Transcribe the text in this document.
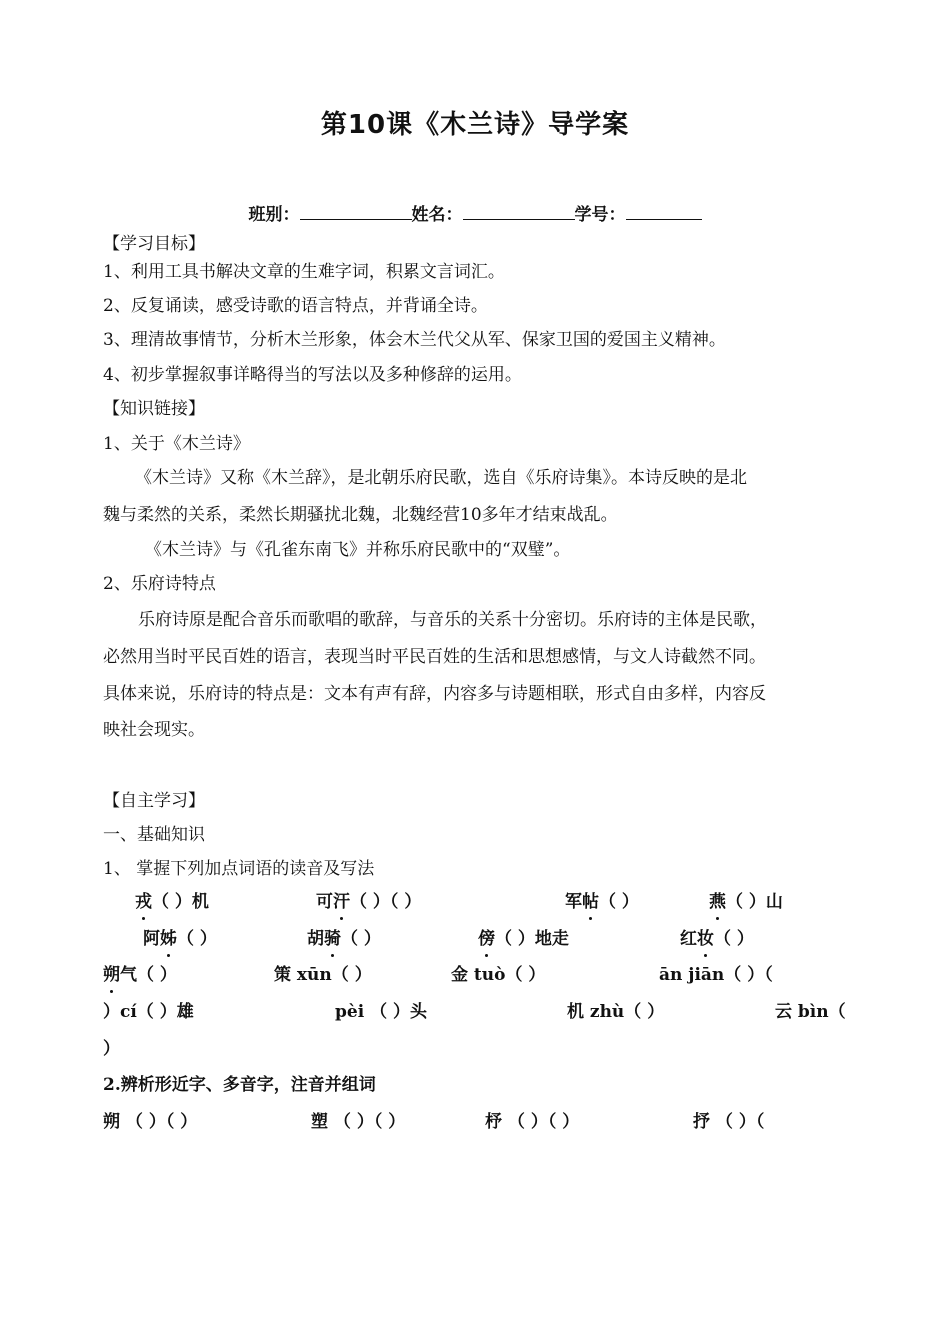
第10课《木兰诗》导学案
班别：	姓名：	学号：
【学习目标】
1、利用工具书解决文章的生难字词，积累文言词汇。
2、反复诵读，感受诗歌的语言特点，并背诵全诗。
3、理清故事情节，分析木兰形象，体会木兰代父从军、保家卫国的爱国主义精神。
4、初步掌握叙事详略得当的写法以及多种修辞的运用。
【知识链接】
1、关于《木兰诗》
《木兰诗》又称《木兰辞》，是北朝乐府民歌，选自《乐府诗集》。本诗反映的是北
魏与柔然的关系，柔然长期骚扰北魏，北魏经营10多年才结束战乱。
《木兰诗》与《孔雀东南飞》并称乐府民歌中的“双璧”。
2、乐府诗特点
乐府诗原是配合音乐而歌唱的歌辞，与音乐的关系十分密切。乐府诗的主体是民歌，
必然用当时平民百姓的语言，表现当时平民百姓的生活和思想感情，与文人诗截然不同。
具体来说，乐府诗的特点是：文本有声有辞，内容多与诗题相联，形式自由多样，内容反
映社会现实。
【自主学习】
一、基础知识
1、 掌握下列加点词语的读音及写法
戎（ ）机	可汗（ ）（ ）	军帖（ ）	燕（ ）山
阿姊（ ）	胡骑（ ）	傍（ ）地走	红妆（ ）
朔气（ ）	策 xūn（ ）	金 tuò（ ）	ān jiān（ ）（
）cí（ ）雄	pèi （ ）头	机 zhù（ ）	云 bìn（
）
2.辨析形近字、多音字，注音并组词
朔 （ ）（ ）	塑 （ ）（ ）	杼 （ ）（ ）	抒 （ ）（
